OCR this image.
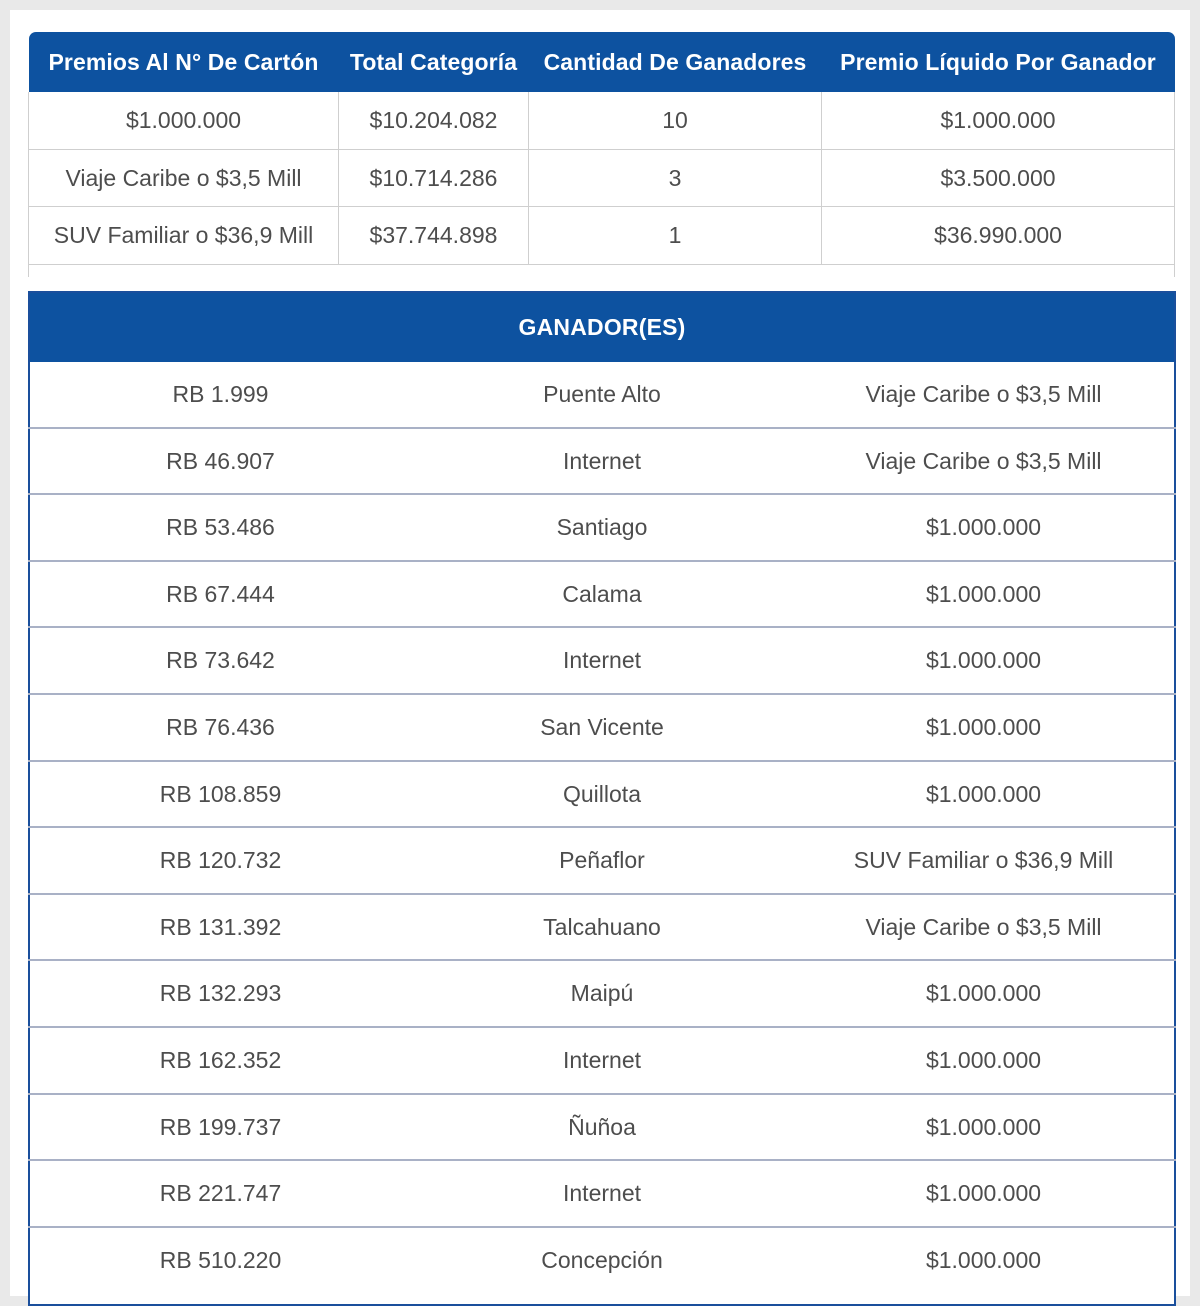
Premios Al N° De Cartón	Total Categoría	Cantidad De Ganadores	Premio Líquido Por Ganador
$1.000.000	$10.204.082	10	$1.000.000
Viaje Caribe o $3,5 Mill	$10.714.286	3	$3.500.000
SUV Familiar o $36,9 Mill	$37.744.898	1	$36.990.000

GANADOR(ES)		
RB 1.999	Puente Alto	Viaje Caribe o $3,5 Mill
RB 46.907	Internet	Viaje Caribe o $3,5 Mill
RB 53.486	Santiago	$1.000.000
RB 67.444	Calama	$1.000.000
RB 73.642	Internet	$1.000.000
RB 76.436	San Vicente	$1.000.000
RB 108.859	Quillota	$1.000.000
RB 120.732	Peñaflor	SUV Familiar o $36,9 Mill
RB 131.392	Talcahuano	Viaje Caribe o $3,5 Mill
RB 132.293	Maipú	$1.000.000
RB 162.352	Internet	$1.000.000
RB 199.737	Ñuñoa	$1.000.000
RB 221.747	Internet	$1.000.000
RB 510.220	Concepción	$1.000.000
